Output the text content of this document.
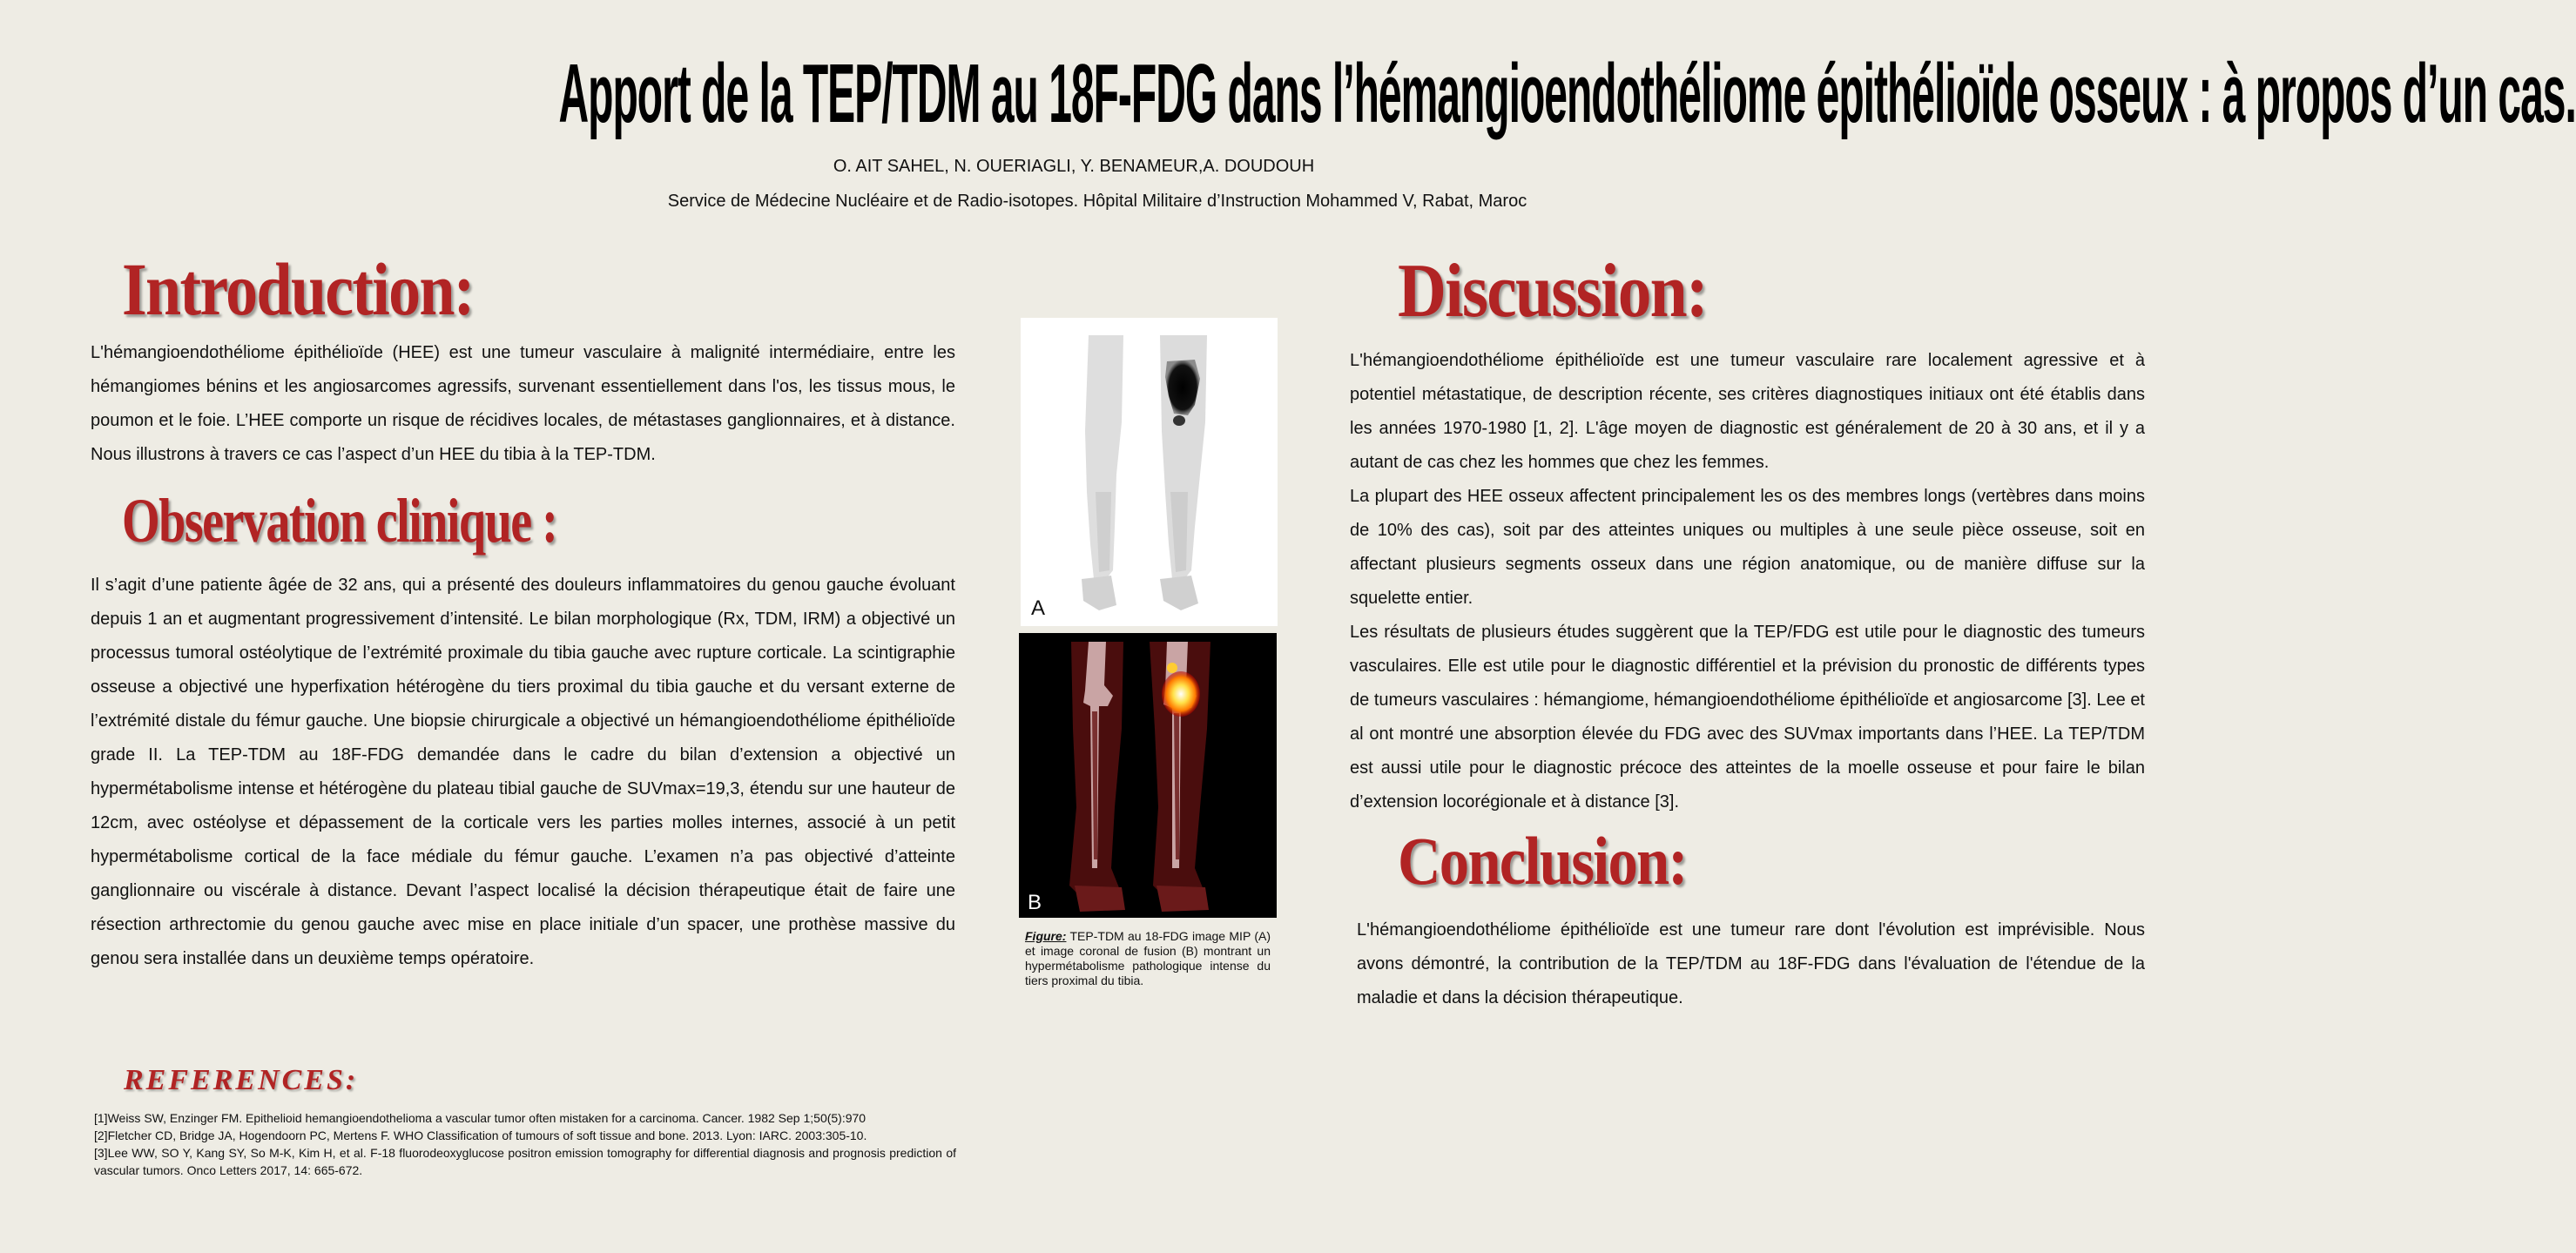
Apport de la TEP/TDM au 18F-FDG dans l’hémangioendothéliome épithélioïde osseux : à propos d’un cas.
O. AIT SAHEL, N. OUERIAGLI, Y. BENAMEUR,A. DOUDOUH
Service de Médecine Nucléaire et de Radio-isotopes. Hôpital Militaire d’Instruction Mohammed V, Rabat, Maroc
Introduction:
L'hémangioendothéliome épithélioïde (HEE) est une tumeur vasculaire à malignité intermédiaire, entre les hémangiomes bénins et les angiosarcomes agressifs, survenant essentiellement dans l'os, les tissus mous, le poumon et le foie. L’HEE comporte un risque de récidives locales, de métastases ganglionnaires, et à distance. Nous illustrons à travers ce cas l’aspect d’un HEE du tibia à la TEP-TDM.
Observation clinique :
Il s’agit d’une patiente âgée de 32 ans, qui a présenté des douleurs inflammatoires du genou gauche évoluant depuis 1 an et augmentant progressivement d’intensité. Le bilan morphologique (Rx, TDM, IRM) a objectivé un processus tumoral ostéolytique de l’extrémité proximale du tibia gauche avec rupture corticale. La scintigraphie osseuse a objectivé une hyperfixation hétérogène du tiers proximal du tibia gauche et du versant externe de l’extrémité distale du fémur gauche. Une biopsie chirurgicale a objectivé un hémangioendothéliome épithélioïde grade II. La TEP-TDM au 18F-FDG demandée dans le cadre du bilan d’extension a objectivé un hypermétabolisme intense et hétérogène du plateau tibial gauche de SUVmax=19,3, étendu sur une hauteur de 12cm, avec ostéolyse et dépassement de la corticale vers les parties molles internes, associé à un petit hypermétabolisme cortical de la face médiale du fémur gauche. L’examen n’a pas objectivé d’atteinte ganglionnaire ou viscérale à distance. Devant l’aspect localisé la décision thérapeutique était de faire une résection arthrectomie du genou gauche avec mise en place initiale d’un spacer, une prothèse massive du genou sera installée dans un deuxième temps opératoire.
REFERENCES:
[1]Weiss SW, Enzinger FM. Epithelioid hemangioendothelioma a vascular tumor often mistaken for a carcinoma. Cancer. 1982 Sep 1;50(5):970
[2]Fletcher CD, Bridge JA, Hogendoorn PC, Mertens F. WHO Classification of tumours of soft tissue and bone. 2013. Lyon: IARC. 2003:305-10.
[3]Lee WW, SO Y, Kang SY, So M-K, Kim H, et al. F-18 fluorodeoxyglucose positron emission tomography for differential diagnosis and prognosis prediction of vascular tumors. Onco Letters 2017, 14: 665-672.
A
B
Figure: TEP-TDM au 18-FDG image MIP (A) et image coronal de fusion (B) montrant un hypermétabolisme pathologique intense du tiers proximal du tibia.
Discussion:

L'hémangioendothéliome épithélioïde est une tumeur vasculaire rare localement agressive et à potentiel métastatique, de description récente, ses critères diagnostiques initiaux ont été établis dans les années 1970-1980 [1, 2]. L'âge moyen de diagnostic est généralement de 20 à 30 ans, et il y a autant de cas chez les hommes que chez les femmes.

La plupart des HEE osseux affectent principalement les os des membres longs (vertèbres dans moins de 10% des cas), soit par des atteintes uniques ou multiples à une seule pièce osseuse, soit en affectant plusieurs segments osseux dans une région anatomique, ou de manière diffuse sur la squelette entier.

Les résultats de plusieurs études suggèrent que la TEP/FDG est utile pour le diagnostic des tumeurs vasculaires. Elle est utile pour le diagnostic différentiel et la prévision du pronostic de différents types de tumeurs vasculaires : hémangiome, hémangioendothéliome épithélioïde et angiosarcome [3]. Lee et al ont montré une absorption élevée du FDG avec des SUVmax importants dans l’HEE. La TEP/TDM est aussi utile pour le diagnostic précoce des atteintes de la moelle osseuse et pour faire le bilan d’extension locorégionale et à distance [3].

Conclusion:
L'hémangioendothéliome épithélioïde est une tumeur rare dont l'évolution est imprévisible. Nous avons démontré, la contribution de la TEP/TDM au 18F-FDG dans l'évaluation de l'étendue de la maladie et dans la décision thérapeutique.
